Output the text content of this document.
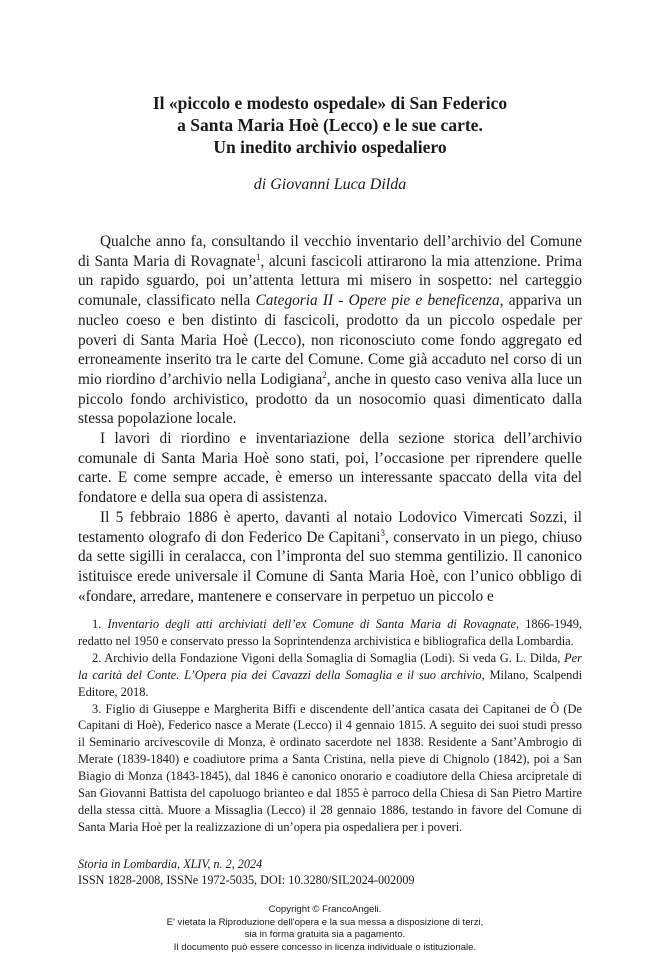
Il «piccolo e modesto ospedale» di San Federico
a Santa Maria Hoè (Lecco) e le sue carte.
Un inedito archivio ospedaliero
di Giovanni Luca Dilda

Qualche anno fa, consultando il vecchio inventario dell’archivio del Comune di Santa Maria di Rovagnate$^1$, alcuni fascicoli attirarono la mia attenzione. Prima un rapido sguardo, poi un’attenta lettura mi misero in sospetto: nel carteggio comunale, classificato nella Categoria II - Opere pie e beneficenza, appariva un nucleo coeso e ben distinto di fascicoli, prodotto da un piccolo ospedale per poveri di Santa Maria Hoè (Lecco), non riconosciuto come fondo aggregato ed erroneamente inserito tra le carte del Comune. Come già accaduto nel corso di un mio riordino d’archivio nella Lodigiana$^2$, anche in questo caso veniva alla luce un piccolo fondo archivistico, prodotto da un nosocomio quasi dimenticato dalla stessa popolazione locale.

I lavori di riordino e inventariazione della sezione storica dell’archivio comunale di Santa Maria Hoè sono stati, poi, l’occasione per riprendere quelle carte. E come sempre accade, è emerso un interessante spaccato della vita del fondatore e della sua opera di assistenza.

Il 5 febbraio 1886 è aperto, davanti al notaio Lodovico Vimercati Sozzi, il testamento olografo di don Federico De Capitani$^3$, conservato in un piego, chiuso da sette sigilli in ceralacca, con l’impronta del suo stemma gentilizio. Il canonico istituisce erede universale il Comune di Santa Maria Hoè, con l’unico obbligo di «fondare, arredare, mantenere e conservare in perpetuo un piccolo e

1. Inventario degli atti archiviati dell’ex Comune di Santa Maria di Rovagnate, 1866-1949, redatto nel 1950 e conservato presso la Soprintendenza archivistica e bibliografica della Lombardia.

2. Archivio della Fondazione Vigoni della Somaglia di Somaglia (Lodi). Si veda G. L. Dilda, Per la carità del Conte. L’Opera pia dei Cavazzi della Somaglia e il suo archivio, Milano, Scalpendi Editore, 2018.

3. Figlio di Giuseppe e Margherita Biffi e discendente dell’antica casata dei Capitanei de Ò (De Capitani di Hoè), Federico nasce a Merate (Lecco) il 4 gennaio 1815. A seguito dei suoi studi presso il Seminario arcivescovile di Monza, è ordinato sacerdote nel 1838. Residente a Sant’Ambrogio di Merate (1839-1840) e coadiutore prima a Santa Cristina, nella pieve di Chignolo (1842), poi a San Biagio di Monza (1843-1845), dal 1846 è canonico onorario e coadiutore della Chiesa arcipretale di San Giovanni Battista del capoluogo brianteo e dal 1855 è parroco della Chiesa di San Pietro Martire della stessa città. Muore a Missaglia (Lecco) il 28 gennaio 1886, testando in favore del Comune di Santa Maria Hoè per la realizzazione di un’opera pia ospedaliera per i poveri.

Storia in Lombardia, XLIV, n. 2, 2024
ISSN 1828-2008, ISSNe 1972-5035, DOI: 10.3280/SIL2024-002009
Copyright © FrancoAngeli.
E' vietata la Riproduzione dell'opera e la sua messa a disposizione di terzi,
sia in forma gratuita sia a pagamento.
Il documento può essere concesso in licenza individuale o istituzionale.
